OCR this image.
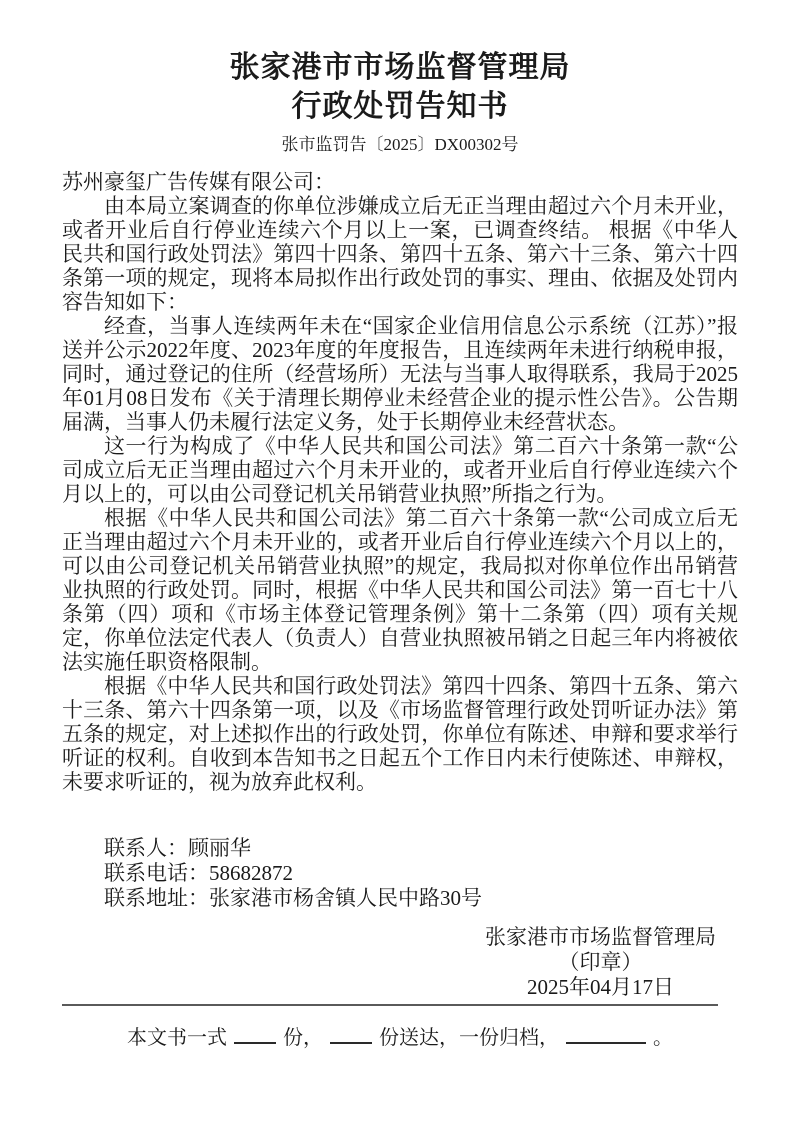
张家港市市场监督管理局
行政处罚告知书
张市监罚告〔2025〕DX00302号

苏州豪玺广告传媒有限公司：

由本局立案调查的你单位涉嫌成立后无正当理由超过六个月未开业，或者开业后自行停业连续六个月以上一案，已调查终结。 根据《中华人民共和国行政处罚法》第四十四条、第四十五条、第六十三条、第六十四条第一项的规定，现将本局拟作出行政处罚的事实、理由、依据及处罚内容告知如下：

经查，当事人连续两年未在“国家企业信用信息公示系统（江苏）”报送并公示2022年度、2023年度的年度报告，且连续两年未进行纳税申报，同时，通过登记的住所（经营场所）无法与当事人取得联系，我局于2025年01月08日发布《关于清理长期停业未经营企业的提示性公告》。公告期届满，当事人仍未履行法定义务，处于长期停业未经营状态。

这一行为构成了《中华人民共和国公司法》第二百六十条第一款“公司成立后无正当理由超过六个月未开业的，或者开业后自行停业连续六个月以上的，可以由公司登记机关吊销营业执照”所指之行为。

根据《中华人民共和国公司法》第二百六十条第一款“公司成立后无正当理由超过六个月未开业的，或者开业后自行停业连续六个月以上的，可以由公司登记机关吊销营业执照”的规定，我局拟对你单位作出吊销营业执照的行政处罚。同时，根据《中华人民共和国公司法》第一百七十八条第（四）项和《市场主体登记管理条例》第十二条第（四）项有关规定，你单位法定代表人（负责人）自营业执照被吊销之日起三年内将被依法实施任职资格限制。

根据《中华人民共和国行政处罚法》第四十四条、第四十五条、第六十三条、第六十四条第一项，以及《市场监督管理行政处罚听证办法》第五条的规定，对上述拟作出的行政处罚，你单位有陈述、申辩和要求举行听证的权利。自收到本告知书之日起五个工作日内未行使陈述、申辩权，未要求听证的，视为放弃此权利。

联系人：顾丽华

联系电话：58682872

联系地址：张家港市杨舍镇人民中路30号

张家港市市场监督管理局

（印章）

2025年04月17日

本文书一式	份，	份送达，一份归档，	。
